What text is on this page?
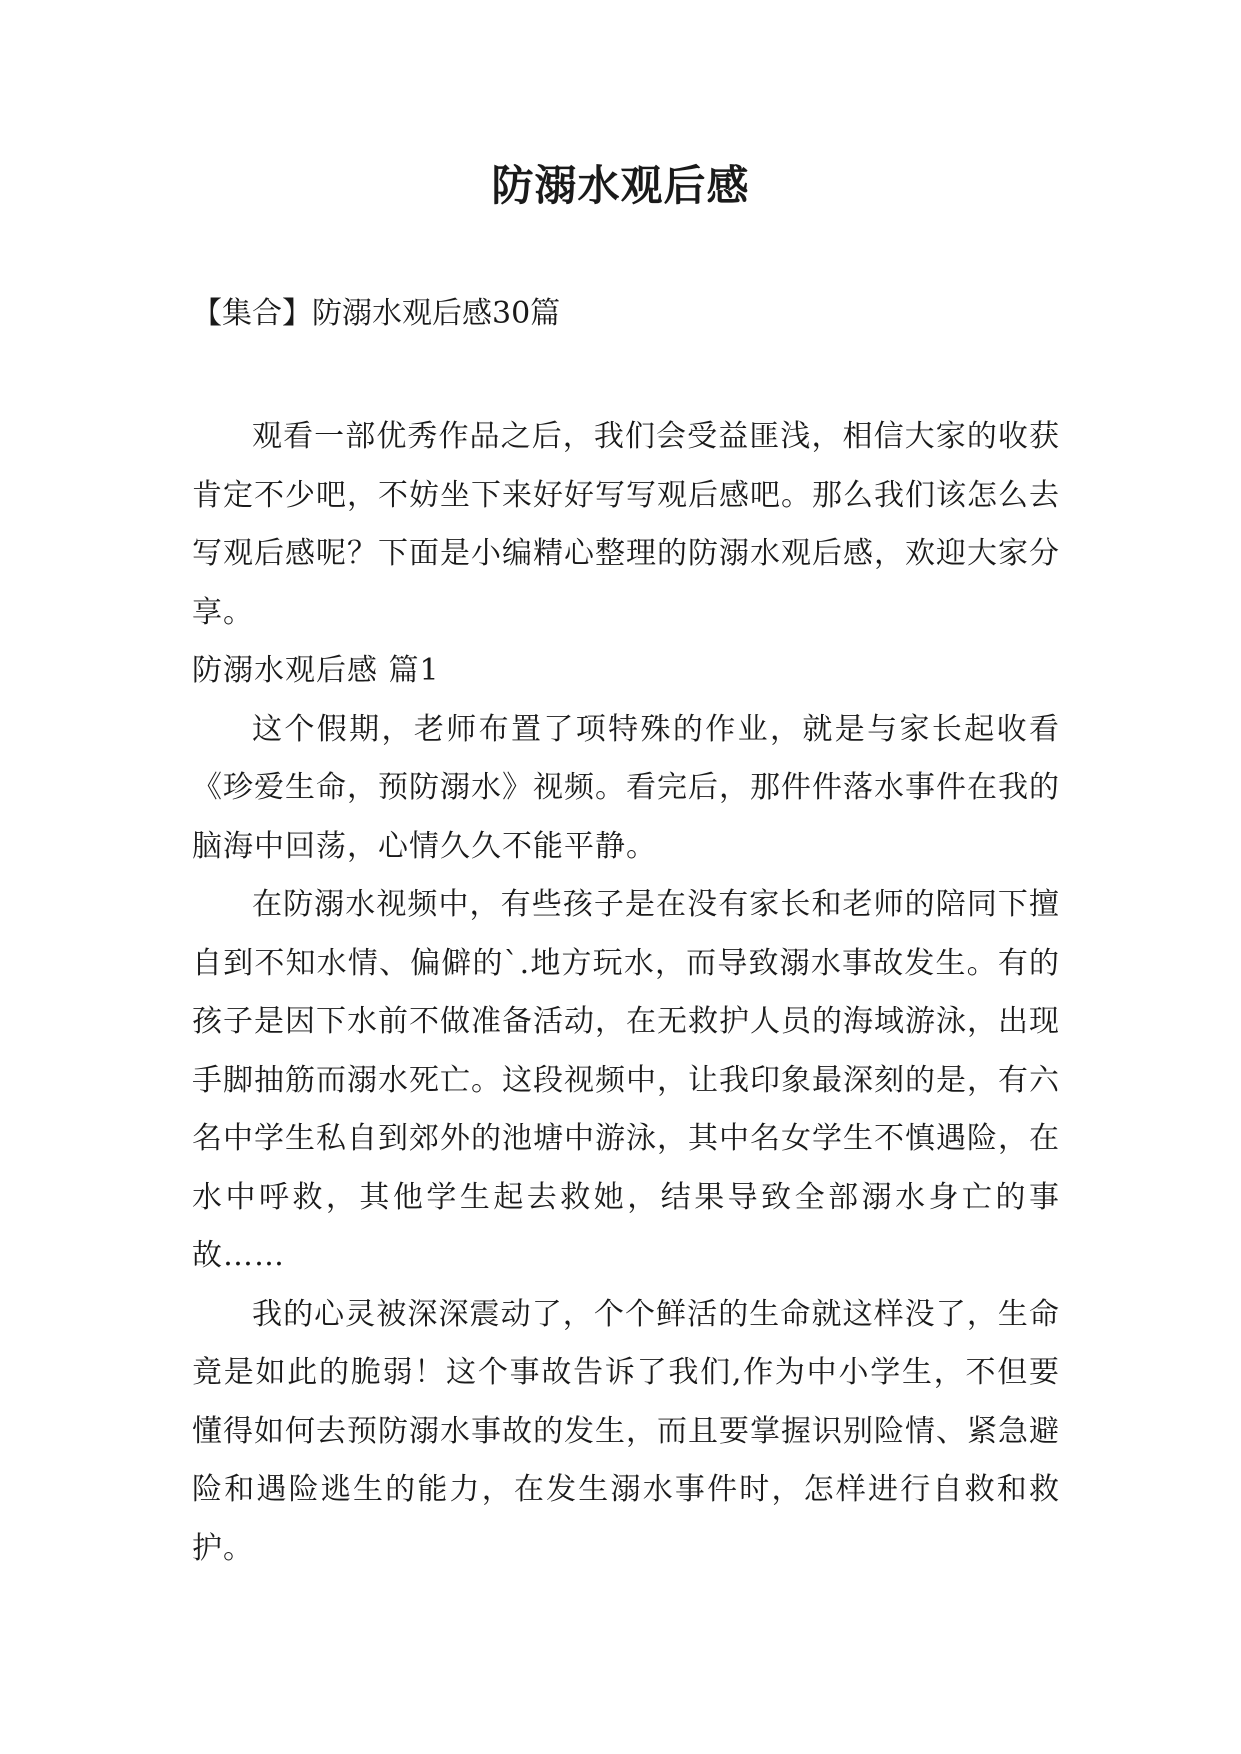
防溺水观后感
【集合】防溺水观后感30篇

观看一部优秀作品之后，我们会受益匪浅，相信大家的收获肯定不少吧，不妨坐下来好好写写观后感吧。那么我们该怎么去写观后感呢？下面是小编精心整理的防溺水观后感，欢迎大家分享。

防溺水观后感 篇1

这个假期，老师布置了项特殊的作业，就是与家长起收看《珍爱生命，预防溺水》视频。看完后，那件件落水事件在我的脑海中回荡，心情久久不能平静。

在防溺水视频中，有些孩子是在没有家长和老师的陪同下擅自到不知水情、偏僻的`.地方玩水，而导致溺水事故发生。有的孩子是因下水前不做准备活动，在无救护人员的海域游泳，出现手脚抽筋而溺水死亡。这段视频中，让我印象最深刻的是，有六名中学生私自到郊外的池塘中游泳，其中名女学生不慎遇险，在水中呼救，其他学生起去救她，结果导致全部溺水身亡的事故……

我的心灵被深深震动了，个个鲜活的生命就这样没了，生命竟是如此的脆弱！这个事故告诉了我们,作为中小学生，不但要懂得如何去预防溺水事故的发生，而且要掌握识别险情、紧急避险和遇险逃生的能力，在发生溺水事件时，怎样进行自救和救护。
